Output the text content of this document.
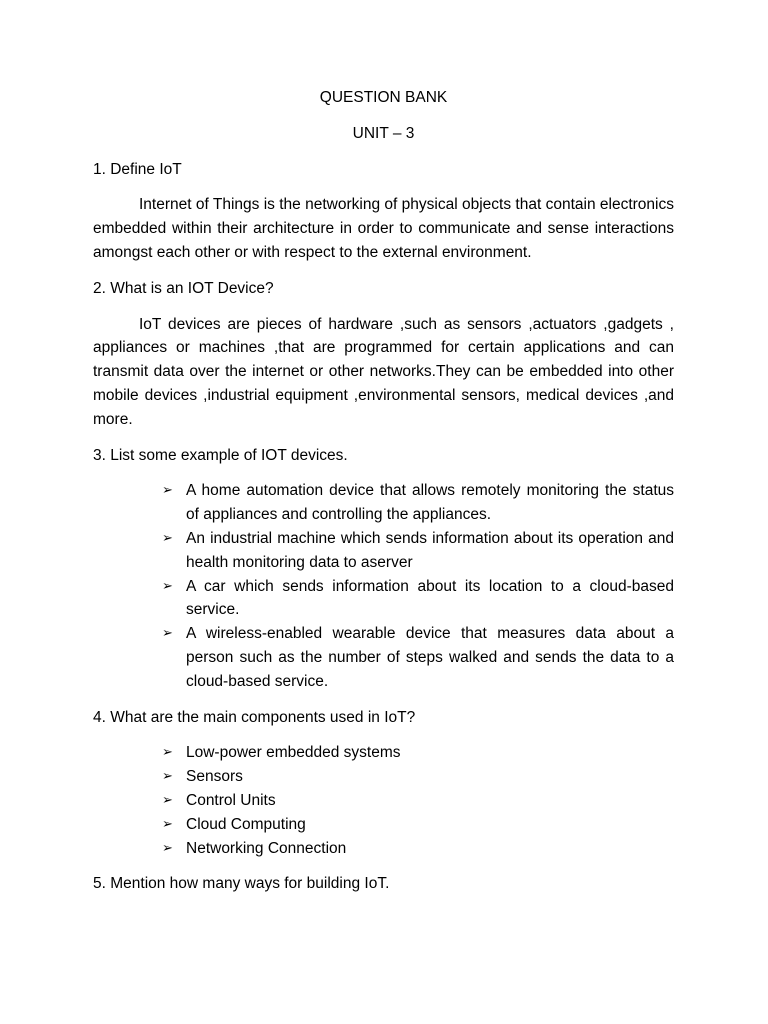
QUESTION BANK

UNIT – 3

1. Define IoT

Internet of Things is the networking of physical objects that contain electronics embedded within their architecture in order to communicate and sense interactions amongst each other or with respect to the external environment.

2. What is an IOT Device?

IoT devices are pieces of hardware ,such as sensors ,actuators ,gadgets , appliances or machines ,that are programmed for certain applications and can transmit data over the internet or other networks.They can be embedded into other mobile devices ,industrial equipment ,environmental sensors, medical devices ,and more.

3. List some example of IOT devices.

➢ A home automation device that allows remotely monitoring the status of appliances and controlling the appliances.
➢ An industrial machine which sends information about its operation and health monitoring data to aserver
➢ A car which sends information about its location to a cloud-based service.
➢ A wireless-enabled wearable device that measures data about a person such as the number of steps walked and sends the data to a cloud-based service.

4. What are the main components used in IoT?

➢ Low-power embedded systems
➢ Sensors
➢ Control Units
➢ Cloud Computing
➢ Networking Connection

5. Mention how many ways for building IoT.
